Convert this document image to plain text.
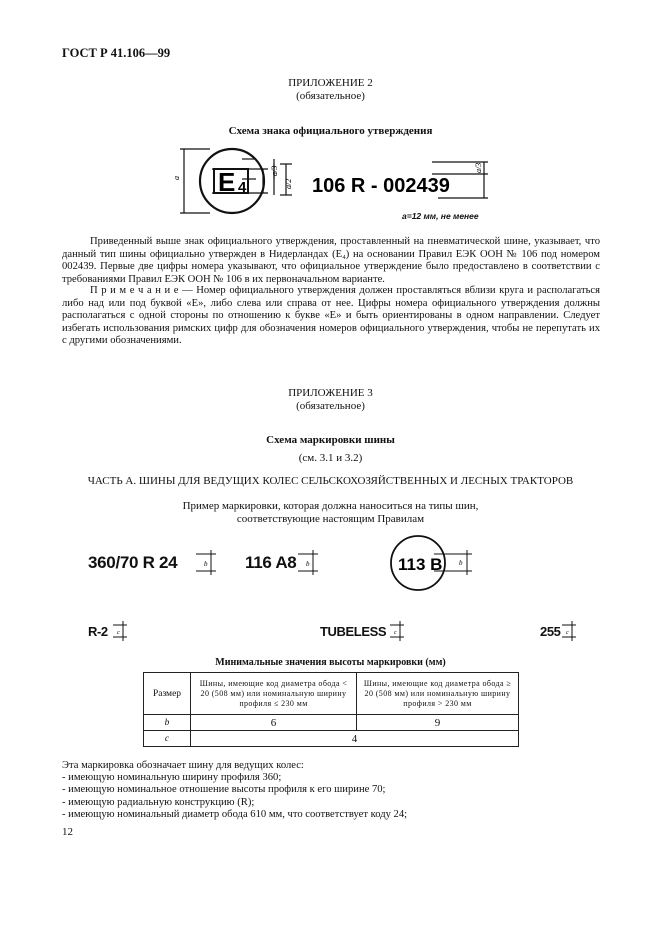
ГОСТ Р 41.106—99
ПРИЛОЖЕНИЕ 2
(обязательное)
Схема знака официального утверждения
E 4
a
a/3
a/2 106 R - 002439
a/3
a=12 мм, не менее

Приведенный выше знак официального утверждения, проставленный на пневматической шине, указывает, что данный тип шины официально утвержден в Нидерландах (E₄) на основании Правил ЕЭК ООН № 106 под номером 002439. Первые две цифры номера указывают, что официальное утверждение было предоставлено в соответствии с требованиями Правил ЕЭК ООН № 106 в их первоначальном варианте.

П р и м е ч а н и е — Номер официального утверждения должен проставляться вблизи круга и располагаться либо над или под буквой «E», либо слева или справа от нее. Цифры номера официального утверждения должны располагаться с одной стороны по отношению к букве «E» и быть ориентированы в одном направлении. Следует избегать использования римских цифр для обозначения номеров официального утверждения, чтобы не перепутать их с другими обозначениями.

ПРИЛОЖЕНИЕ 3
(обязательное)
Схема маркировки шины
(см. 3.1 и 3.2)
ЧАСТЬ А. ШИНЫ ДЛЯ ВЕДУЩИХ КОЛЕС СЕЛЬСКОХОЗЯЙСТВЕННЫХ И ЛЕСНЫХ ТРАКТОРОВ
Пример маркировки, которая должна наноситься на типы шин,
соответствующие настоящим Правилам
360/70 R 24	116 A8
b	b	113 B b
R-2 c	TUBELESS c	255 c
Минимальные значения высоты маркировки (мм)
Размер	Шины, имеющие код диаметра обода < 20 (508 мм) или номинальную ширину профиля ≤ 230 мм	Шины, имеющие код диаметра обода ≥ 20 (508 мм) или номинальную ширину профиля > 230 мм
b	6	9
c	4	
Эта маркировка обозначает шину для ведущих колес:
- имеющую номинальную ширину профиля 360;
- имеющую номинальное отношение высоты профиля к его ширине 70;
- имеющую радиальную конструкцию (R);
- имеющую номинальный диаметр обода 610 мм, что соответствует коду 24;
12
